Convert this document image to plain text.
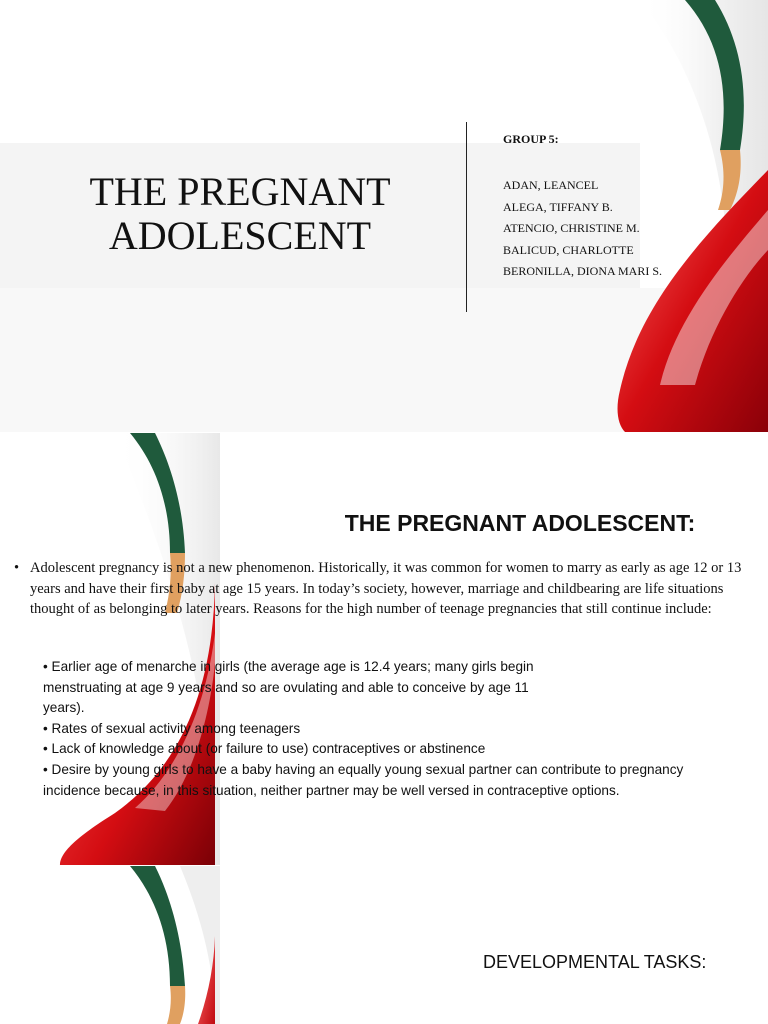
THE PREGNANT
ADOLESCENT

GROUP 5:

ADAN, LEANCEL
ALEGA, TIFFANY B.
ATENCIO, CHRISTINE M.
BALICUD, CHARLOTTE
BERONILLA, DIONA MARI S.
THE PREGNANT ADOLESCENT:
• Adolescent pregnancy is not a new phenomenon. Historically, it was common for women to marry as early as age 12 or 13 years and have their first baby at age 15 years. In today’s society, however, marriage and childbearing are life situations thought of as belonging to later years. Reasons for the high number of teenage pregnancies that still continue include:
• Earlier age of menarche in girls (the average age is 12.4 years; many girls begin menstruating at age 9 years and so are ovulating and able to conceive by age 11 years).
• Rates of sexual activity among teenagers
• Lack of knowledge about (or failure to use) contraceptives or abstinence
• Desire by young girls to have a baby having an equally young sexual partner can contribute to pregnancy incidence because, in this situation, neither partner may be well versed in contraceptive options.
DEVELOPMENTAL TASKS:
